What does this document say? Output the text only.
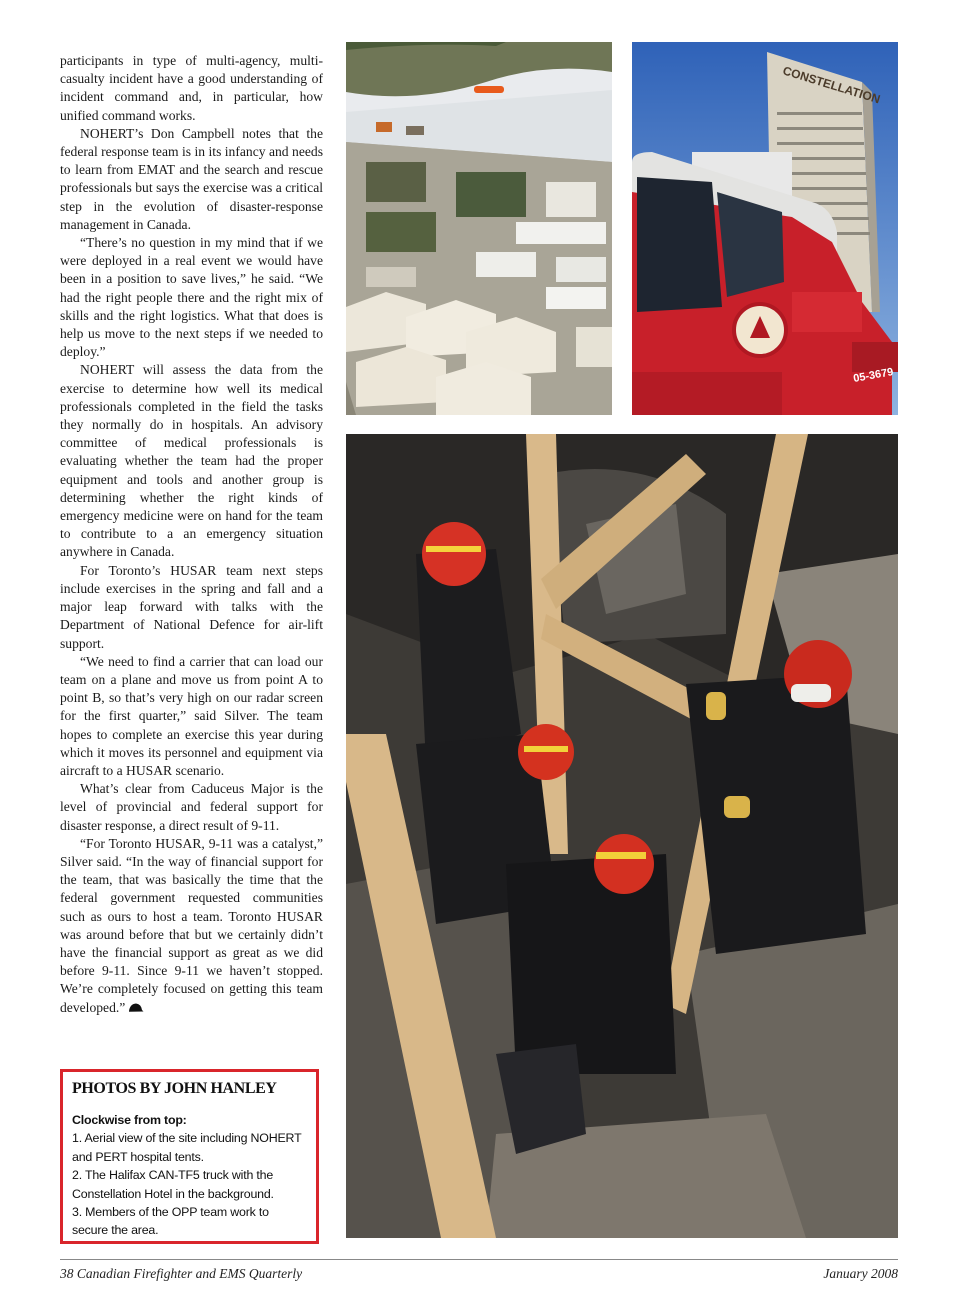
participants in type of multi-agency, multi-casualty incident have a good understanding of incident command and, in particular, how unified command works.

NOHERT’s Don Campbell notes that the federal response team is in its infancy and needs to learn from EMAT and the search and rescue professionals but says the exercise was a critical step in the evolution of disaster-response management in Canada.

“There’s no question in my mind that if we were deployed in a real event we would have been in a position to save lives,” he said. “We had the right people there and the right mix of skills and the right logistics. What that does is help us move to the next steps if we needed to deploy.”

NOHERT will assess the data from the exercise to determine how well its medical professionals completed in the field the tasks they normally do in hospitals. An advisory committee of medical professionals is evaluating whether the team had the proper equipment and tools and another group is determining whether the right kinds of emergency medicine were on hand for the team to contribute to a an emergency situation anywhere in Canada.

For Toronto’s HUSAR team next steps include exercises in the spring and fall and a major leap forward with talks with the Department of National Defence for air-lift support.

“We need to find a carrier that can load our team on a plane and move us from point A to point B, so that’s very high on our radar screen for the first quarter,” said Silver. The team hopes to complete an exercise this year during which it moves its personnel and equipment via aircraft to a HUSAR scenario.

What’s clear from Caduceus Major is the level of provincial and federal support for disaster response, a direct result of 9-11.

“For Toronto HUSAR, 9-11 was a catalyst,” Silver said. “In the way of financial support for the team, that was basically the time that the federal government requested communities such as ours to host a team. Toronto HUSAR was around before that but we certainly didn’t have the financial support as great as we did before 9-11. Since 9-11 we haven’t stopped. We’re completely focused on getting this team developed.”

CONSTELLATION
05-3679
PHOTOS BY JOHN HANLEY

Clockwise from top:

1. Aerial view of the site including NOHERT and PERT hospital tents.

2. The Halifax CAN-TF5 truck with the Constellation Hotel in the background.

3. Members of the OPP team work to secure the area.

38 Canadian Firefighter and EMS Quarterly	January 2008
